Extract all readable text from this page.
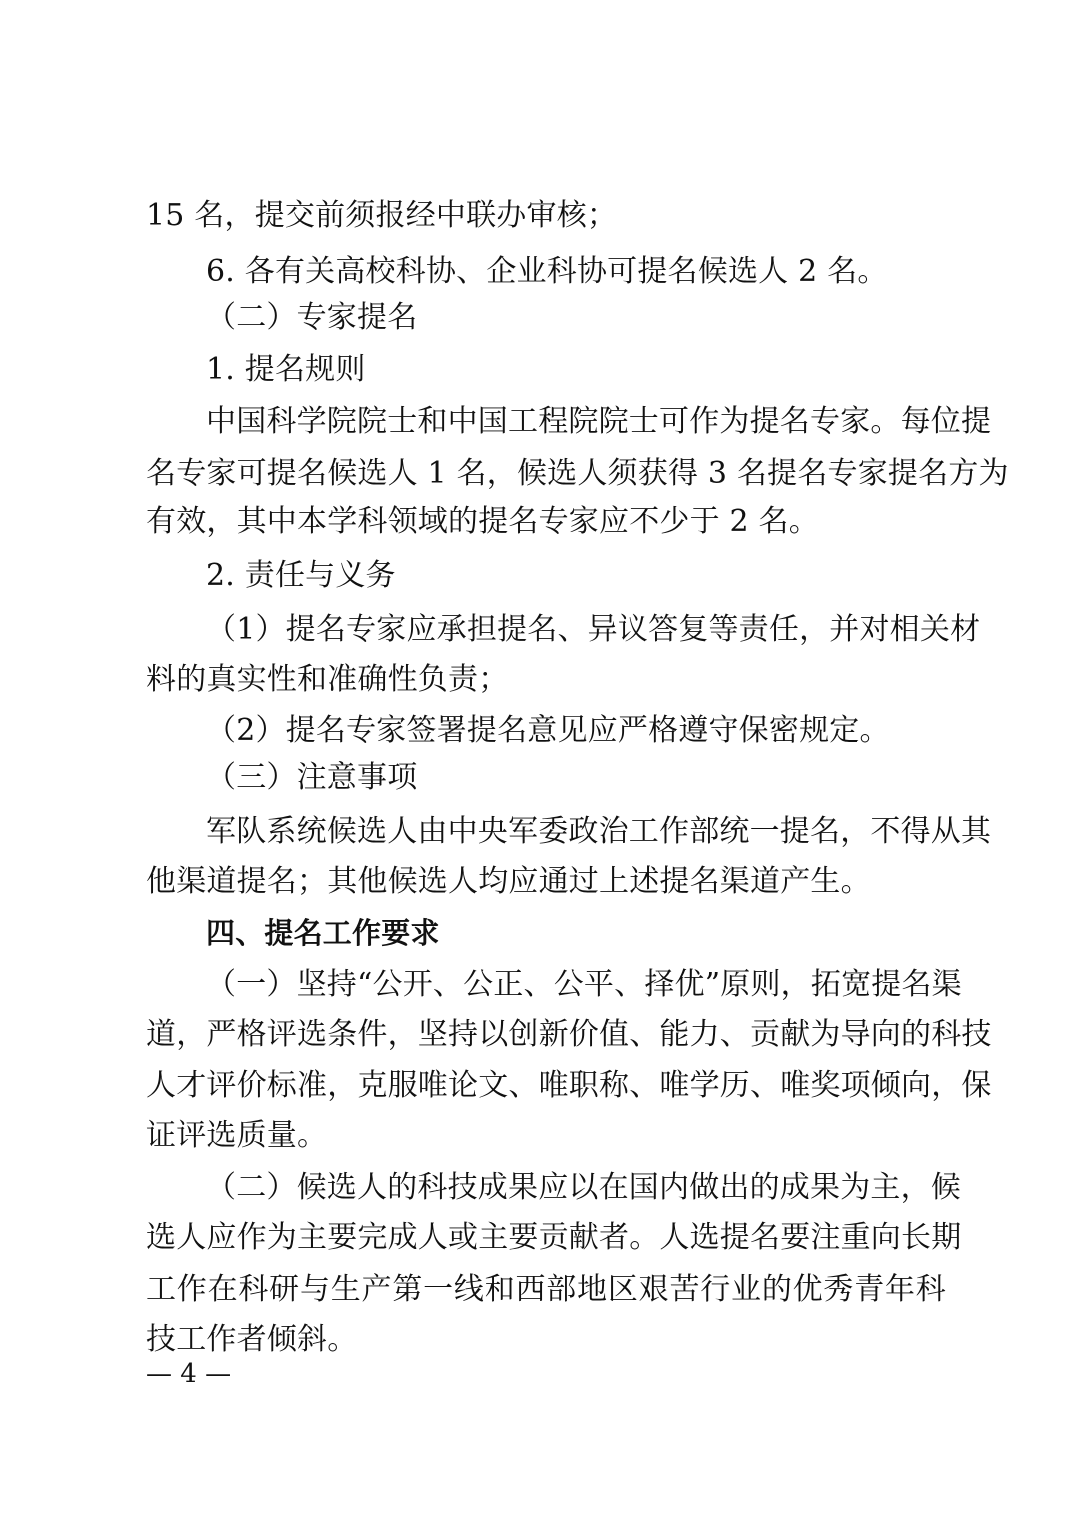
15 名，提交前须报经中联办审核；
6. 各有关高校科协、企业科协可提名候选人 2 名。
（二）专家提名
1. 提名规则
中国科学院院士和中国工程院院士可作为提名专家。每位提
名专家可提名候选人 1 名，候选人须获得 3 名提名专家提名方为
有效，其中本学科领域的提名专家应不少于 2 名。
2. 责任与义务
（1）提名专家应承担提名、异议答复等责任，并对相关材
料的真实性和准确性负责；
（2）提名专家签署提名意见应严格遵守保密规定。
（三）注意事项
军队系统候选人由中央军委政治工作部统一提名，不得从其
他渠道提名；其他候选人均应通过上述提名渠道产生。
四、提名工作要求
（一）坚持“公开、公正、公平、择优”原则，拓宽提名渠
道，严格评选条件，坚持以创新价值、能力、贡献为导向的科技
人才评价标准，克服唯论文、唯职称、唯学历、唯奖项倾向，保
证评选质量。
（二）候选人的科技成果应以在国内做出的成果为主，候
选人应作为主要完成人或主要贡献者。人选提名要注重向长期
工作在科研与生产第一线和西部地区艰苦行业的优秀青年科
技工作者倾斜。
— 4 —
